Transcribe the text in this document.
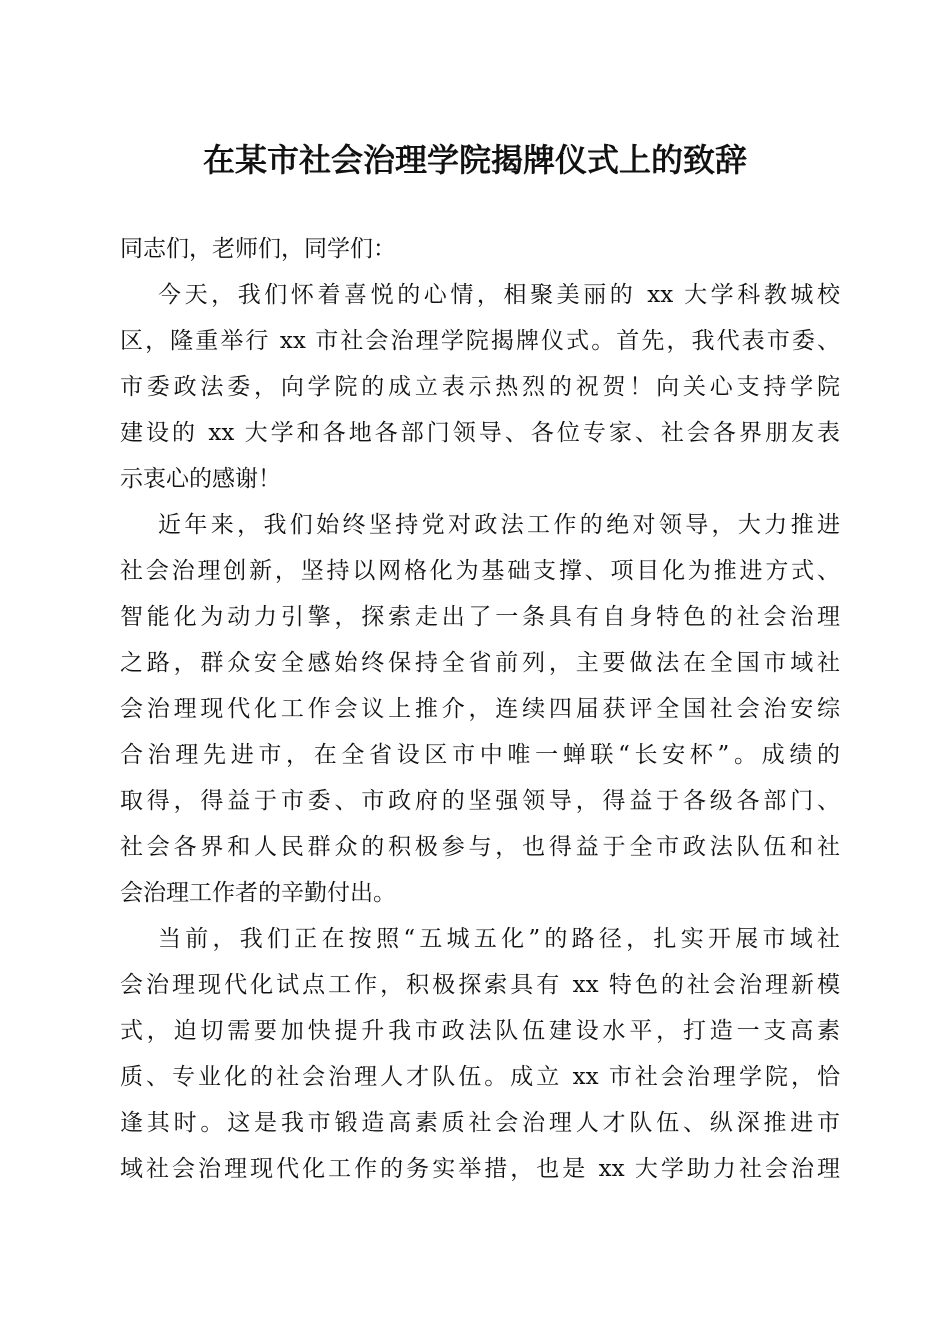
在某市社会治理学院揭牌仪式上的致辞
同志们，老师们，同学们：
今天，我们怀着喜悦的心情，相聚美丽的 xx 大学科教城校
区，隆重举行 xx 市社会治理学院揭牌仪式。首先，我代表市委、
市委政法委，向学院的成立表示热烈的祝贺！向关心支持学院
建设的 xx 大学和各地各部门领导、各位专家、社会各界朋友表
示衷心的感谢！
近年来，我们始终坚持党对政法工作的绝对领导，大力推进
社会治理创新，坚持以网格化为基础支撑、项目化为推进方式、
智能化为动力引擎，探索走出了一条具有自身特色的社会治理
之路，群众安全感始终保持全省前列，主要做法在全国市域社
会治理现代化工作会议上推介，连续四届获评全国社会治安综
合治理先进市，在全省设区市中唯一蝉联“长安杯”。成绩的
取得，得益于市委、市政府的坚强领导，得益于各级各部门、
社会各界和人民群众的积极参与，也得益于全市政法队伍和社
会治理工作者的辛勤付出。
当前，我们正在按照“五城五化”的路径，扎实开展市域社
会治理现代化试点工作，积极探索具有 xx 特色的社会治理新模
式，迫切需要加快提升我市政法队伍建设水平，打造一支高素
质、专业化的社会治理人才队伍。成立 xx 市社会治理学院，恰
逢其时。这是我市锻造高素质社会治理人才队伍、纵深推进市
域社会治理现代化工作的务实举措，也是 xx 大学助力社会治理
